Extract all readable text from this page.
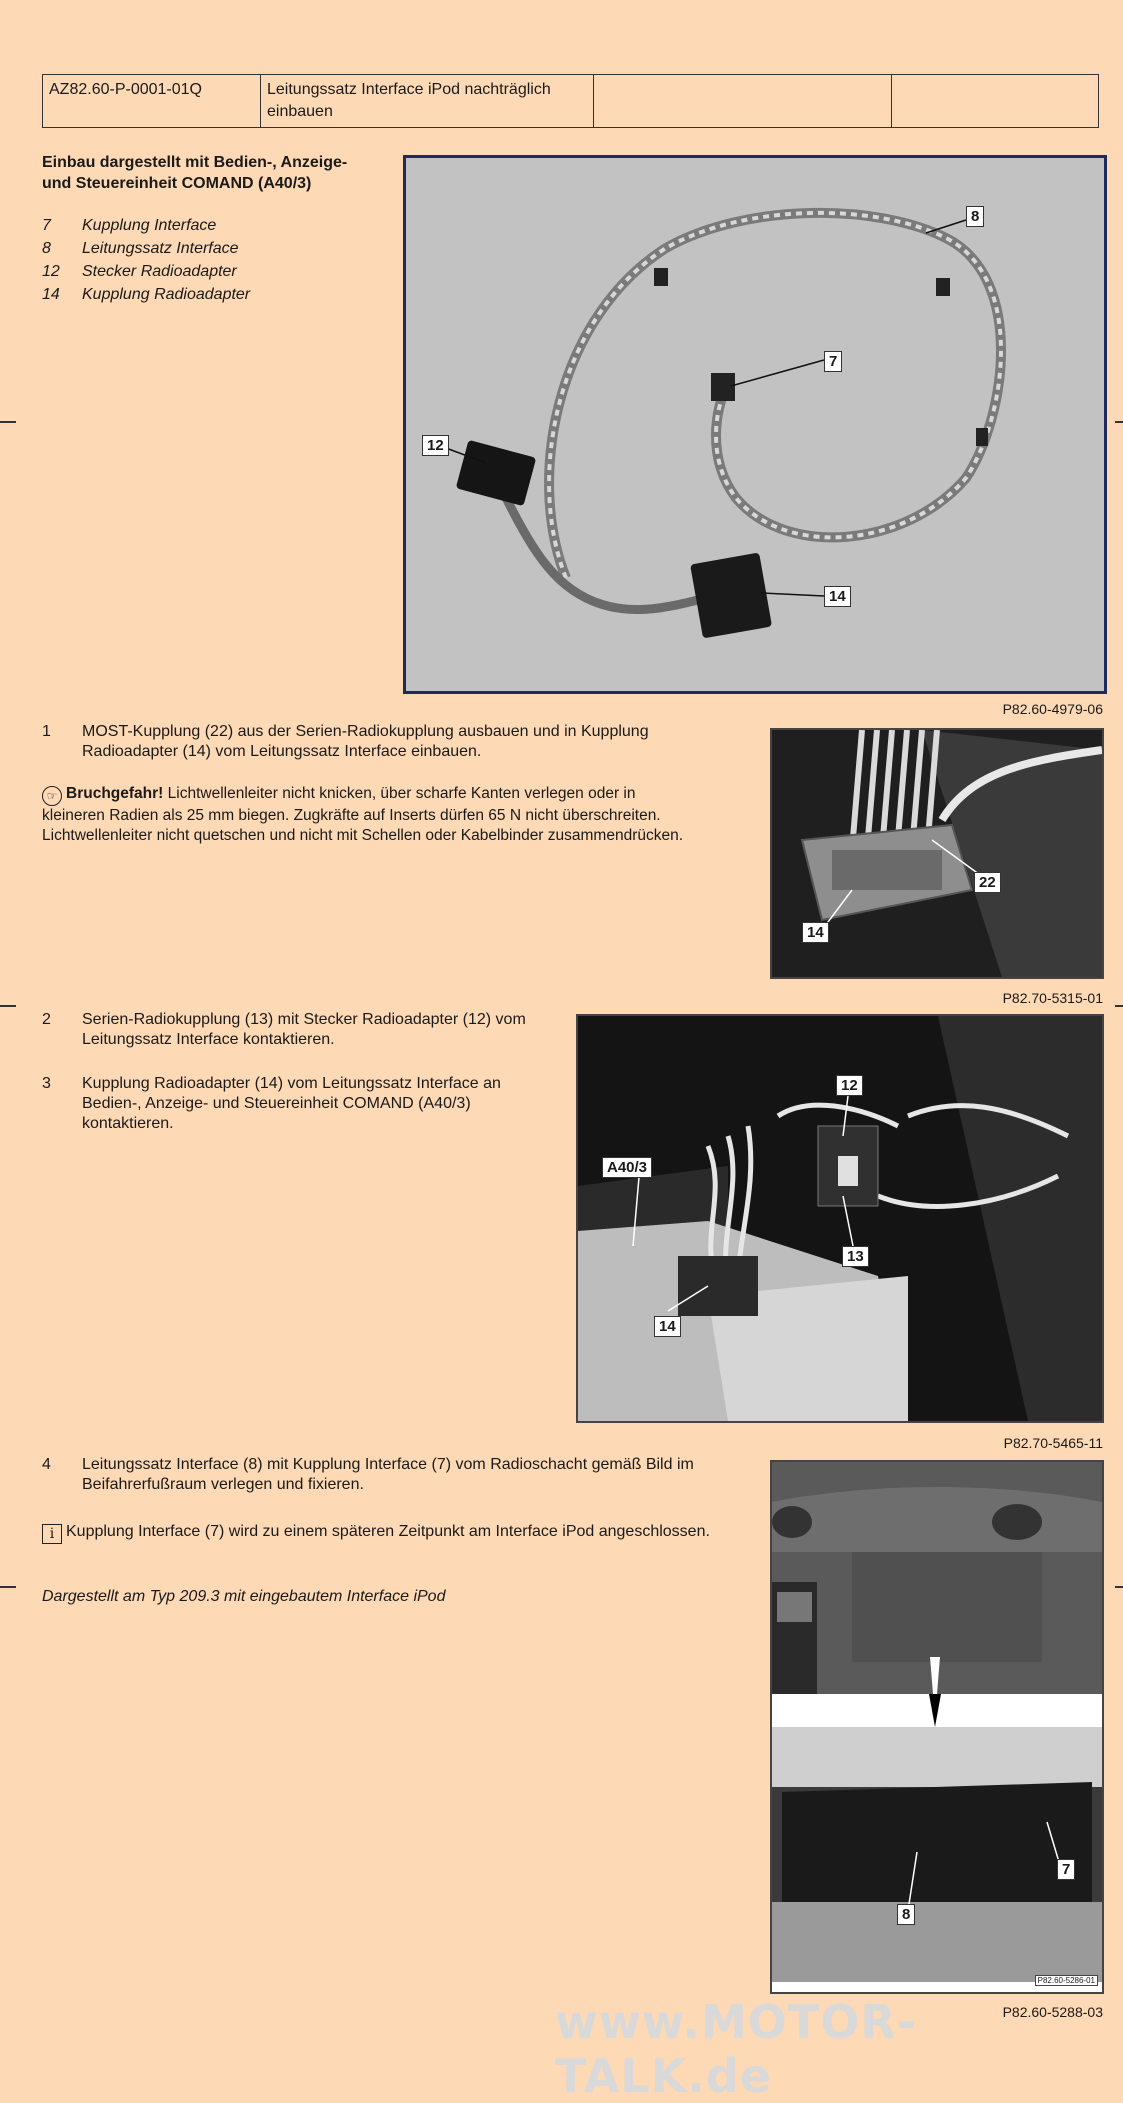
AZ82.60-P-0001-01Q	Leitungssatz Interface iPod nachträglich
einbauen

Einbau dargestellt mit Bedien-, Anzeige-
und Steuereinheit COMAND (A40/3)
7	Kupplung Interface
8	Leitungssatz Interface
12	Stecker Radioadapter
14	Kupplung Radioadapter
8
7
12
14
P82.60-4979-06
1	MOST-Kupplung (22) aus der Serien-Radiokupplung ausbauen und in Kupplung
Radioadapter (14) vom Leitungssatz Interface einbauen.
☞ Bruchgefahr! Lichtwellenleiter nicht knicken, über scharfe Kanten verlegen oder in
kleineren Radien als 25 mm biegen. Zugkräfte auf Inserts dürfen 65 N nicht überschreiten.
Lichtwellenleiter nicht quetschen und nicht mit Schellen oder Kabelbinder zusammendrücken.
22
14
P82.70-5315-01
2	Serien-Radiokupplung (13) mit Stecker Radioadapter (12) vom
Leitungssatz Interface kontaktieren.
3	Kupplung Radioadapter (14) vom Leitungssatz Interface an
Bedien-, Anzeige- und Steuereinheit COMAND (A40/3)
kontaktieren.
12
A40/3
13
14
P82.70-5465-11
4	Leitungssatz Interface (8) mit Kupplung Interface (7) vom Radioschacht gemäß Bild im
Beifahrerfußraum verlegen und fixieren.
i Kupplung Interface (7) wird zu einem späteren Zeitpunkt am Interface iPod angeschlossen.
Dargestellt am Typ 209.3 mit eingebautem Interface iPod
7
8
P82.60-5286-01
P82.60-5288-03
www.MOTOR-TALK.de
